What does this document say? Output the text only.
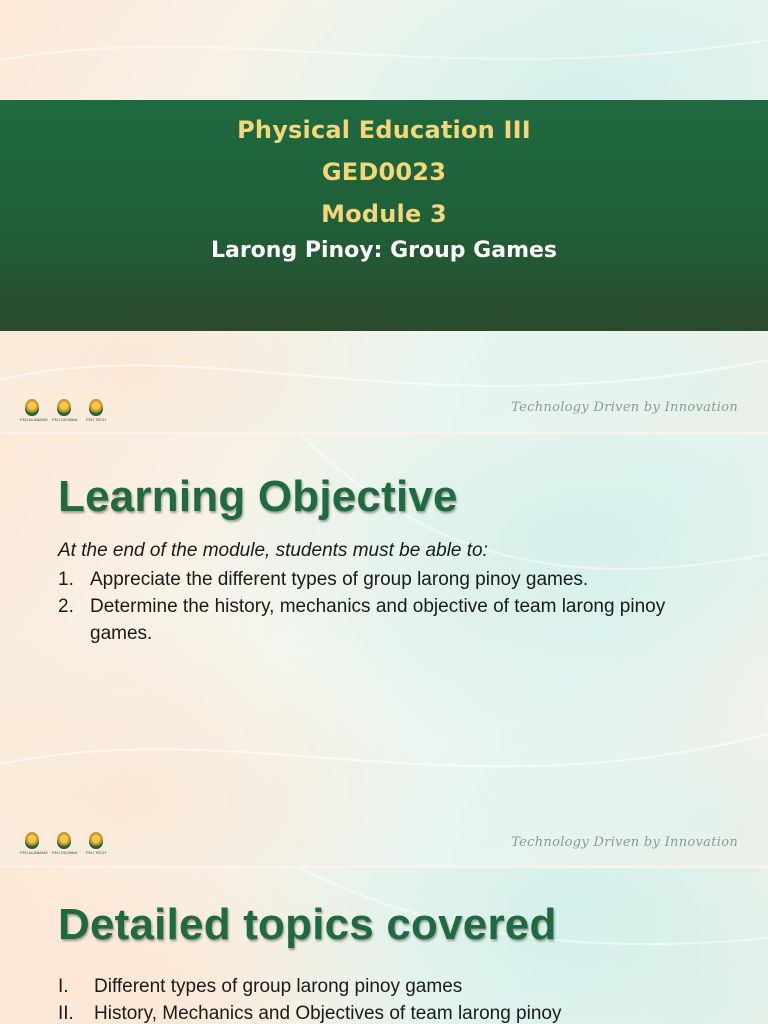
Physical Education III
GED0023
Module 3
Larong Pinoy: Group Games
FEU ALABANG FEU DILIMAN	FEU TECH
Technology Driven by Innovation
Learning Objective
At the end of the module, students must be able to:
1. Appreciate the different types of group larong pinoy games.
2. Determine the history, mechanics and objective of team larong pinoy games.
FEU ALABANG FEU DILIMAN	FEU TECH
Technology Driven by Innovation
Detailed topics covered
I.	Different types of group larong pinoy games
II.	History, Mechanics and Objectives of team larong pinoy
